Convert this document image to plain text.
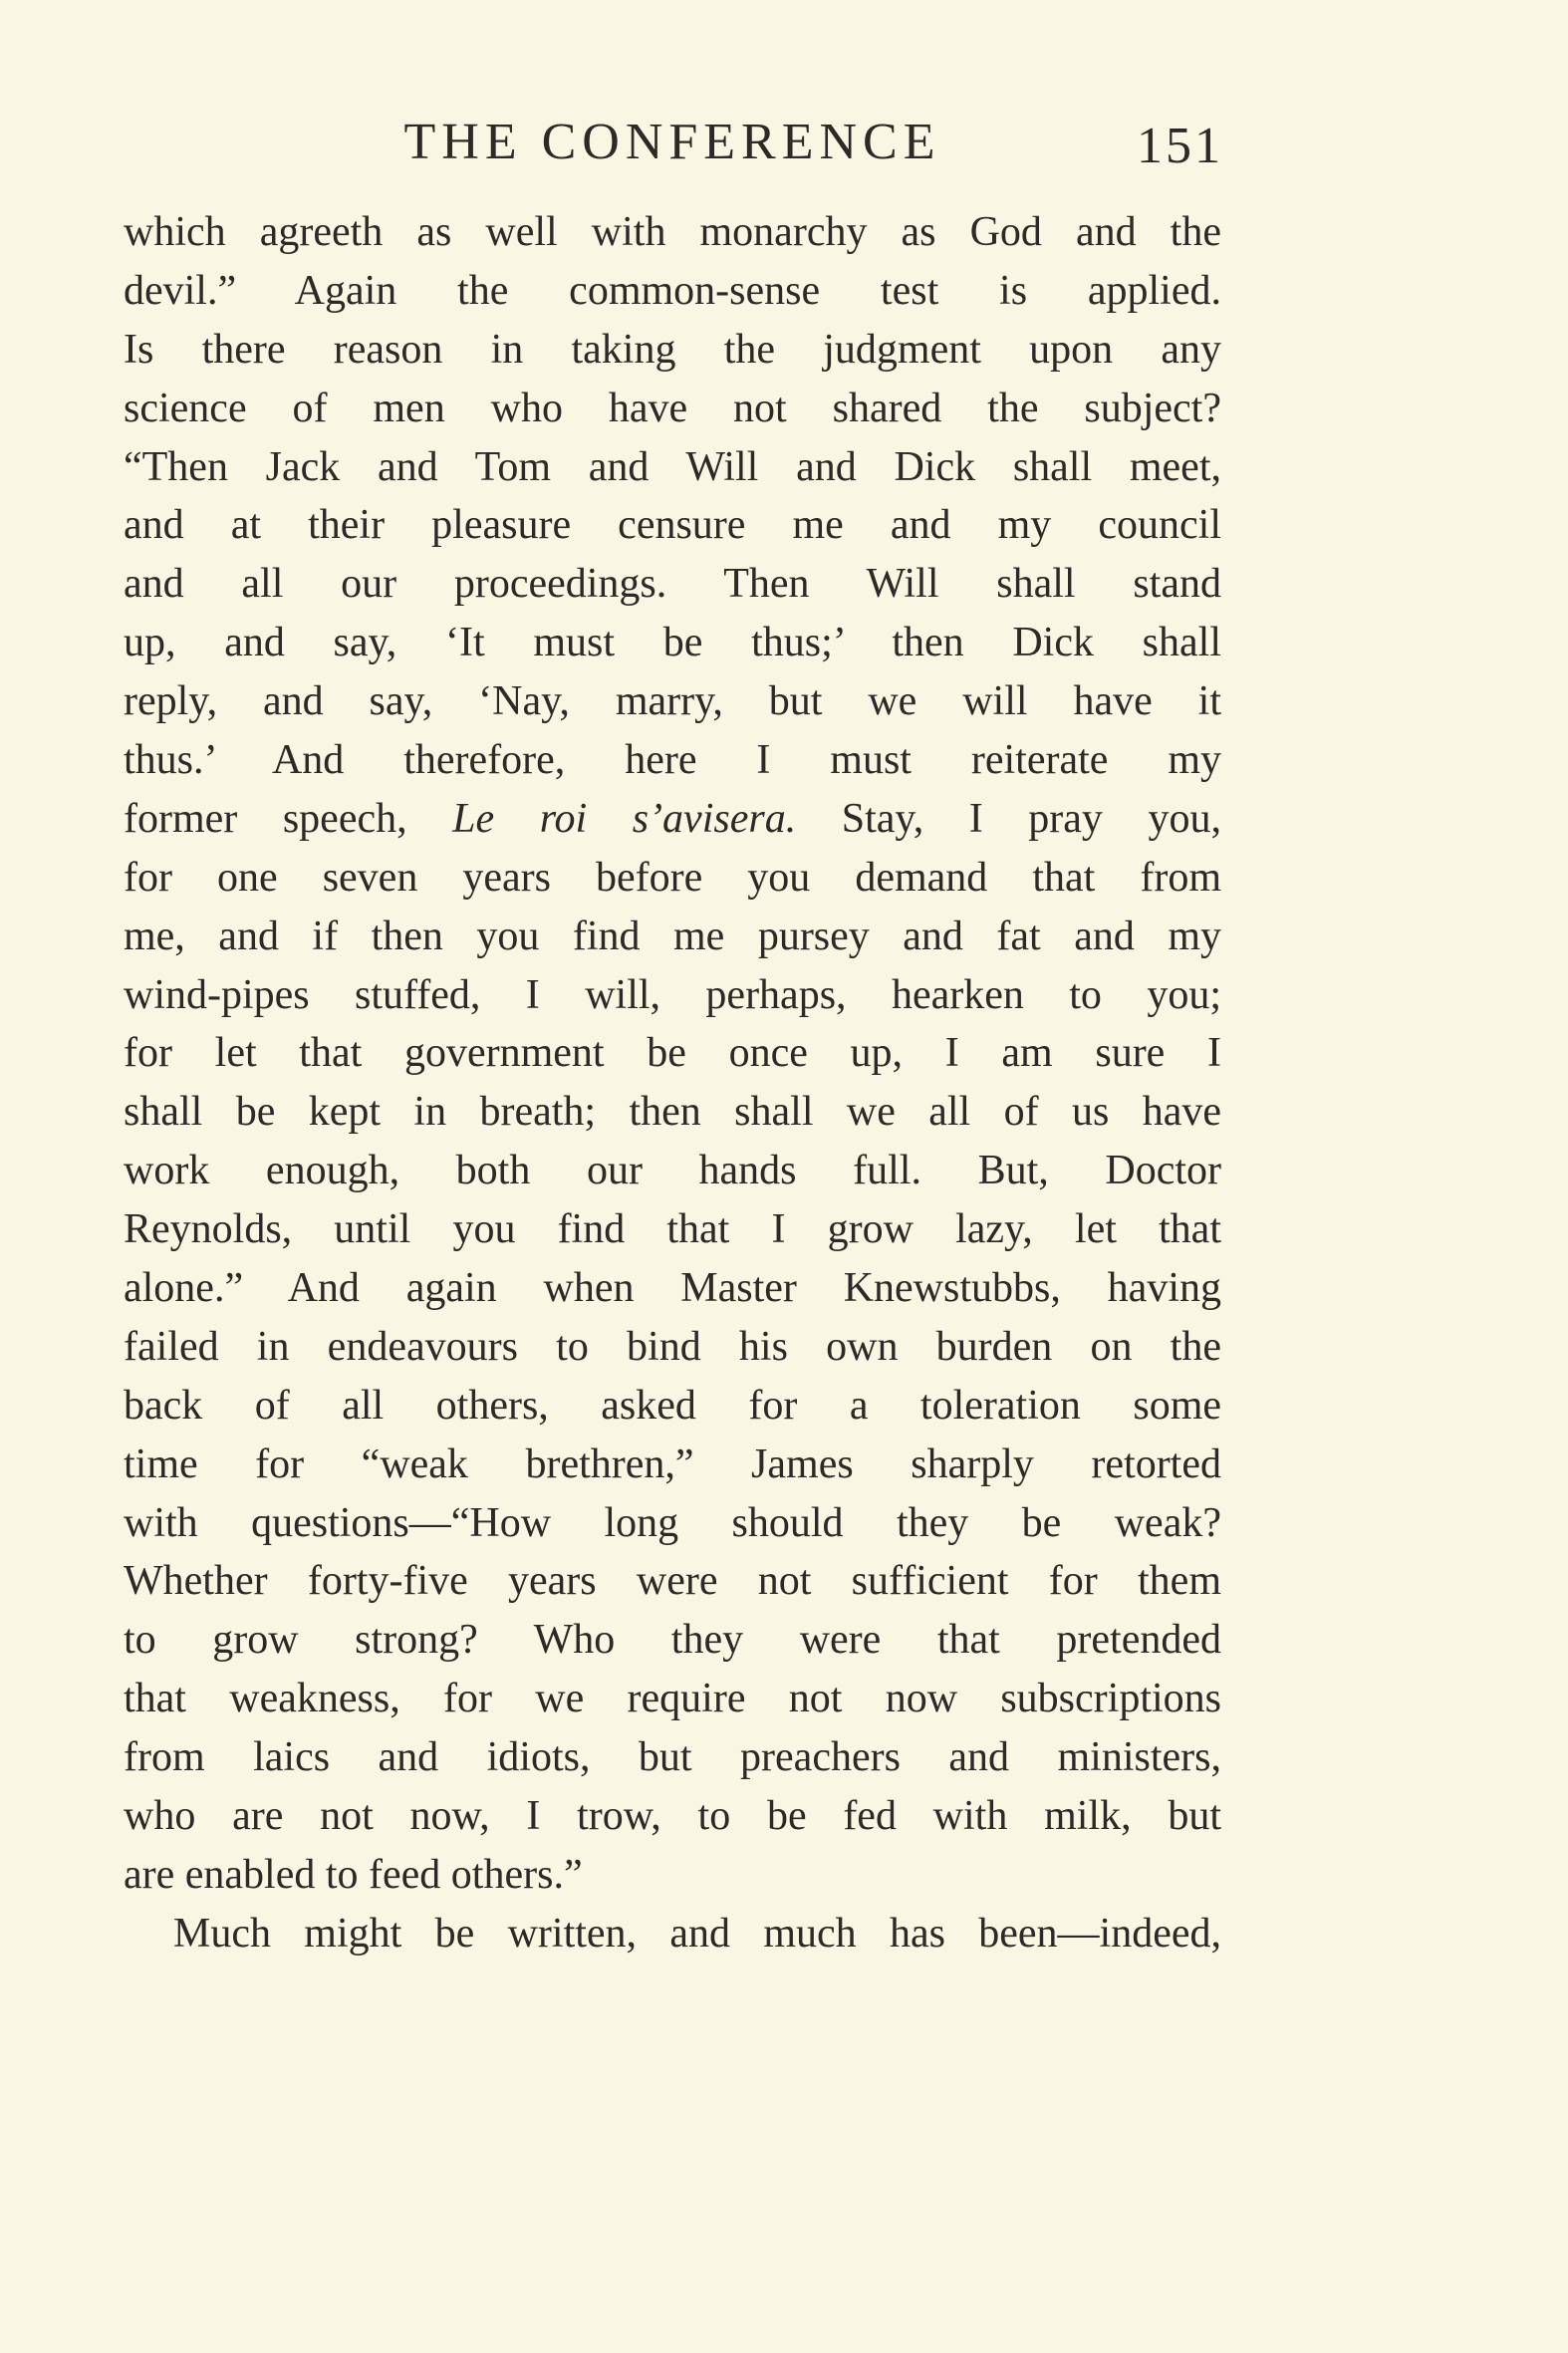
THE CONFERENCE	151
which agreeth as well with monarchy as God and the
devil.” Again the common-sense test is applied.
Is there reason in taking the judgment upon any
science of men who have not shared the subject?
“Then Jack and Tom and Will and Dick shall meet,
and at their pleasure censure me and my council
and all our proceedings. Then Will shall stand
up, and say, ‘It must be thus;’ then Dick shall
reply, and say, ‘Nay, marry, but we will have it
thus.’ And therefore, here I must reiterate my
former speech, Le roi s’avisera. Stay, I pray you,
for one seven years before you demand that from
me, and if then you find me pursey and fat and my
wind-pipes stuffed, I will, perhaps, hearken to you;
for let that government be once up, I am sure I
shall be kept in breath; then shall we all of us have
work enough, both our hands full. But, Doctor
Reynolds, until you find that I grow lazy, let that
alone.” And again when Master Knewstubbs, having
failed in endeavours to bind his own burden on the
back of all others, asked for a toleration some
time for “weak brethren,” James sharply retorted
with questions—“How long should they be weak?
Whether forty-five years were not sufficient for them
to grow strong? Who they were that pretended
that weakness, for we require not now subscriptions
from laics and idiots, but preachers and ministers,
who are not now, I trow, to be fed with milk, but
are enabled to feed others.”
Much might be written, and much has been—indeed,
